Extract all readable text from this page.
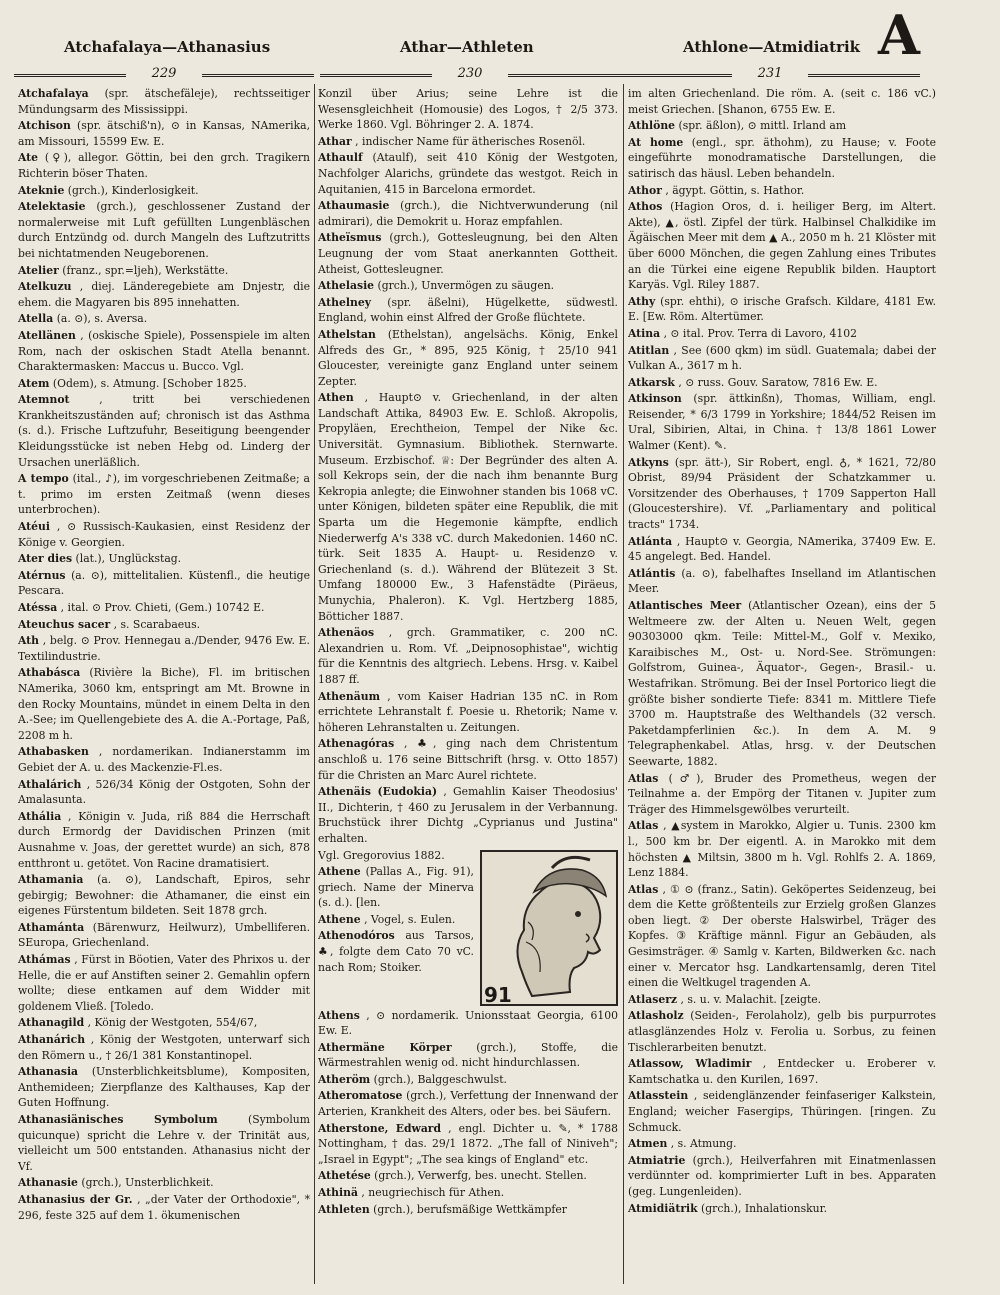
Atchafalaya—Athanasius	Athar—Athleten	Athlone—Atmidiatrik A
229	230	231
Atchafalaya (spr. ätschefäleje), rechtsseitiger Mündungsarm des Mississippi.
Atchison (spr. ätschiß'n), ⊙ in Kansas, NAmerika, am Missouri, 15599 Ew. E.
Ate (♀), allegor. Göttin, bei den grch. Tragikern Richterin böser Thaten.
Ateknie (grch.), Kinderlosigkeit.
Atelektasie (grch.), geschlossener Zustand der normalerweise mit Luft gefüllten Lungenbläschen durch Entzündg od. durch Mangeln des Luftzutritts bei nichtatmenden Neugeborenen.
Atelier (franz., spr.=ljeh), Werkstätte.
Atelkuzu , diej. Länderegebiete am Dnjestr, die ehem. die Magyaren bis 895 innehatten.
Atella (a. ⊙), s. Aversa.
Atellänen , (oskische Spiele), Possenspiele im alten Rom, nach der oskischen Stadt Atella benannt. Charaktermasken: Maccus u. Bucco. Vgl.
Atem (Odem), s. Atmung. [Schober 1825.
Atemnot	, tritt bei verschiedenen Krankheitszuständen auf; chronisch ist das Asthma (s. d.). Frische Luftzufuhr, Beseitigung beengender Kleidungsstücke ist neben Hebg od. Linderg der Ursachen unerläßlich.
A tempo (ital., ♪), im vorgeschriebenen Zeitmaße; a t. primo im ersten Zeitmaß (wenn dieses unterbrochen).
Atéui , ⊙ Russisch-Kaukasien, einst Residenz der Könige v. Georgien.
Ater dies (lat.), Unglückstag.
Atérnus (a. ⊙), mittelitalien. Küstenfl., die heutige Pescara.
Atéssa , ital. ⊙ Prov. Chieti, (Gem.) 10742 E.
Ateuchus sacer , s. Scarabaeus.
Ath , belg. ⊙ Prov. Hennegau a./Dender, 9476 Ew. E. Textilindustrie.
Athabásca (Rivière la Biche), Fl. im britischen NAmerika, 3060 km, entspringt am Mt. Browne in den Rocky Mountains, mündet in einem Delta in den A.-See; im Quellengebiete des A. die A.-Portage, Paß, 2208 m h.
Athabasken , nordamerikan. Indianerstamm im Gebiet der A. u. des Mackenzie-Fl.es.
Athalárich , 526/34 König der Ostgoten, Sohn der Amalasunta.
Athália , Königin v. Juda, riß 884 die Herrschaft durch Ermordg der Davidischen Prinzen (mit Ausnahme v. Joas, der gerettet wurde) an sich, 878 entthront u. getötet. Von Racine dramatisiert.
Athamania (a. ⊙), Landschaft, Epiros, sehr gebirgig; Bewohner: die Athamaner, die einst ein eigenes Fürstentum bildeten. Seit 1878 grch.
Athamánta (Bärenwurz, Heilwurz), Umbelliferen. SEuropa, Griechenland.
Athámas , Fürst in Böotien, Vater des Phrixos u. der Helle, die er auf Anstiften seiner 2. Gemahlin opfern wollte; diese entkamen auf dem Widder mit goldenem Vließ. [Toledo.
Athanagild , König der Westgoten, 554/67,
Athanárich , König der Westgoten, unterwarf sich den Römern u., † 26/1 381 Konstantinopel.
Athanasia (Unsterblichkeitsblume), Kompositen, Anthemideen; Zierpflanze des Kalthauses, Kap der Guten Hoffnung.
Athanasiänisches Symbolum	(Symbolum quicunque) spricht die Lehre v. der Trinität aus, vielleicht um 500 entstanden. Athanasius nicht der Vf.
Athanasie (grch.), Unsterblichkeit.
Athanasius der Gr. , „der Vater der Orthodoxie", * 296, feste 325 auf dem 1. ökumenischen
Konzil über Arius; seine Lehre ist die Wesensgleichheit (Homousie) des Logos, † 2/5 373. Werke 1860. Vgl. Böhringer 2. A. 1874.
Athar , indischer Name für ätherisches Rosenöl.
Athaulf (Ataulf), seit 410 König der Westgoten, Nachfolger Alarichs, gründete das westgot. Reich in Aquitanien, 415 in Barcelona ermordet.
Athaumasie (grch.), die Nichtverwunderung (nil admirari), die Demokrit u. Horaz empfahlen.
Atheïsmus (grch.), Gottesleugnung, bei den Alten Leugnung der vom Staat anerkannten Gottheit. Atheist, Gottesleugner.
Athelasie (grch.), Unvermögen zu säugen.
Athelney (spr. äßelni), Hügelkette, südwestl. England, wohin einst Alfred der Große flüchtete.
Athelstan (Ethelstan), angelsächs. König, Enkel Alfreds des Gr., * 895, 925 König, † 25/10 941 Gloucester, vereinigte ganz England unter seinem Zepter.
Athen , Haupt⊙ v. Griechenland, in der alten Landschaft Attika, 84903 Ew. E. Schloß. Akropolis, Propyläen, Erechtheion, Tempel der Nike &c. Universität. Gymnasium. Bibliothek. Sternwarte. Museum. Erzbischof. ♕: Der Begründer des alten A. soll Kekrops sein, der die nach ihm benannte Burg Kekropia anlegte; die Einwohner standen bis 1068 vC. unter Königen, bildeten später eine Republik, die mit Sparta um die Hegemonie kämpfte, endlich Niederwerfg A's 338 vC. durch Makedonien. 1460 nC. türk. Seit 1835 A. Haupt- u. Residenz⊙ v. Griechenland (s. d.). Während der Blütezeit 3 St. Umfang 180000 Ew., 3 Hafenstädte (Piräeus, Munychia, Phaleron). K. Vgl. Hertzberg 1885, Bötticher 1887.
Athenäos , grch. Grammatiker, c. 200 nC. Alexandrien u. Rom. Vf. „Deipnosophistae", wichtig für die Kenntnis des altgriech. Lebens. Hrsg. v. Kaibel 1887 ff.
Athenäum , vom Kaiser Hadrian 135 nC. in Rom errichtete Lehranstalt f. Poesie u. Rhetorik; Name v. höheren Lehranstalten u. Zeitungen.
Athenagóras , ♣, ging nach dem Christentum anschloß u. 176 seine Bittschrift (hrsg. v. Otto 1857) für die Christen an Marc Aurel richtete.
Athenäis (Eudokia) , Gemahlin Kaiser Theodosius' II., Dichterin, † 460 zu Jerusalem in der Verbannung. Bruchstück ihrer Dichtg „Cyprianus und Justina" erhalten.
91
Vgl. Gregorovius 1882.
Athene (Pallas A., Fig. 91), griech. Name der Minerva (s. d.). [len.
Athene , Vogel, s. Eulen.
Athenodóros aus Tarsos, ♣, folgte dem Cato 70 vC. nach Rom; Stoiker.
Athens , ⊙ nordamerik. Unionsstaat Georgia, 6100 Ew. E.
Athermäne Körper (grch.), Stoffe, die Wärmestrahlen wenig od. nicht hindurchlassen.
Atheröm (grch.), Balggeschwulst.
Atheromatose (grch.), Verfettung der Innenwand der Arterien, Krankheit des Alters, oder bes. bei Säufern.
Atherstone, Edward , engl. Dichter u. ✎, * 1788 Nottingham, † das. 29/1 1872. „The fall of Niniveh"; „Israel in Egypt"; „The sea kings of England" etc.
Athetése (grch.), Verwerfg, bes. unecht. Stellen.
Athinä , neugriechisch für Athen.
Athleten (grch.), berufsmäßige Wettkämpfer
im alten Griechenland. Die röm. A. (seit c. 186 vC.) meist Griechen. [Shanon, 6755 Ew. E.
Athlöne (spr. äßlon), ⊙ mittl. Irland am
At home (engl., spr. äthohm), zu Hause; v. Foote eingeführte monodramatische Darstellungen, die satirisch das häusl. Leben behandeln.
Athor , ägypt. Göttin, s. Hathor.
Athos (Hagion Oros, d. i. heiliger Berg, im Altert. Akte), ▲, östl. Zipfel der türk. Halbinsel Chalkidike im Ägäischen Meer mit dem ▲ A., 2050 m h. 21 Klöster mit über 6000 Mönchen, die gegen Zahlung eines Tributes an die Türkei eine eigene Republik bilden. Hauptort Karyäs. Vgl. Riley 1887.
Athy (spr. ehthi), ⊙ irische Grafsch. Kildare, 4181 Ew. E. [Ew. Röm. Altertümer.
Atina , ⊙ ital. Prov. Terra di Lavoro, 4102
Atitlan , See (600 qkm) im südl. Guatemala; dabei der Vulkan A., 3617 m h.
Atkarsk , ⊙ russ. Gouv. Saratow, 7816 Ew. E.
Atkinson (spr. ättkinßn), Thomas, William, engl. Reisender, * 6/3 1799 in Yorkshire; 1844/52 Reisen im Ural, Sibirien, Altai, in China. † 13/8 1861 Lower Walmer (Kent). ✎.
Atkyns (spr. ätt-), Sir Robert, engl. ♁, * 1621, 72/80 Obrist, 89/94 Präsident der Schatzkammer u. Vorsitzender des Oberhauses, † 1709 Sapperton Hall (Gloucestershire). Vf. „Parliamentary and political tracts" 1734.
Atlánta , Haupt⊙ v. Georgia, NAmerika, 37409 Ew. E. 45 angelegt. Bed. Handel.
Atlántis (a. ⊙), fabelhaftes Inselland im Atlantischen Meer.
Atlantisches Meer (Atlantischer Ozean), eins der 5 Weltmeere zw. der Alten u. Neuen Welt, gegen 90303000 qkm. Teile: Mittel-M., Golf v. Mexiko, Karaibisches M., Ost- u. Nord-See. Strömungen: Golfstrom, Guinea-, Äquator-, Gegen-, Brasil.- u. Westafrikan. Strömung. Bei der Insel Portorico liegt die größte bisher sondierte Tiefe: 8341 m. Mittlere Tiefe 3700 m. Hauptstraße des Welthandels (32 versch. Paketdampferlinien &c.). In dem A. M. 9 Telegraphenkabel. Atlas, hrsg. v. der Deutschen Seewarte, 1882.
Atlas (♂), Bruder des Prometheus, wegen der Teilnahme a. der Empörg der Titanen v. Jupiter zum Träger des Himmelsgewölbes verurteilt.
Atlas , ▲system in Marokko, Algier u. Tunis. 2300 km l., 500 km br. Der eigentl. A. in Marokko mit dem höchsten ▲ Miltsin, 3800 m h. Vgl. Rohlfs 2. A. 1869, Lenz 1884.
Atlas , ① ⊙ (franz., Satin). Geköpertes Seidenzeug, bei dem die Kette größtenteils zur Erzielg großen Glanzes oben liegt. ② Der oberste Halswirbel, Träger des Kopfes. ③ Kräftige männl. Figur an Gebäuden, als Gesimsträger. ④ Samlg v. Karten, Bildwerken &c. nach einer v. Mercator hsg. Landkartensamlg, deren Titel einen die Weltkugel tragenden A.
Atlaserz , s. u. v. Malachit. [zeigte.
Atlasholz (Seiden-, Ferolaholz), gelb bis purpurrotes atlasglänzendes Holz v. Ferolia u. Sorbus, zu feinen Tischlerarbeiten benutzt.
Atlassow, Wladimir , Entdecker u. Eroberer v. Kamtschatka u. den Kurilen, 1697.
Atlasstein , seidenglänzender feinfaseriger Kalkstein, England; weicher Fasergips, Thüringen. [ringen. Zu Schmuck.
Atmen , s. Atmung.
Atmiatrie (grch.), Heilverfahren mit Einatmenlassen verdünnter od. komprimierter Luft in bes. Apparaten (geg. Lungenleiden).
Atmidiätrik (grch.), Inhalationskur.
